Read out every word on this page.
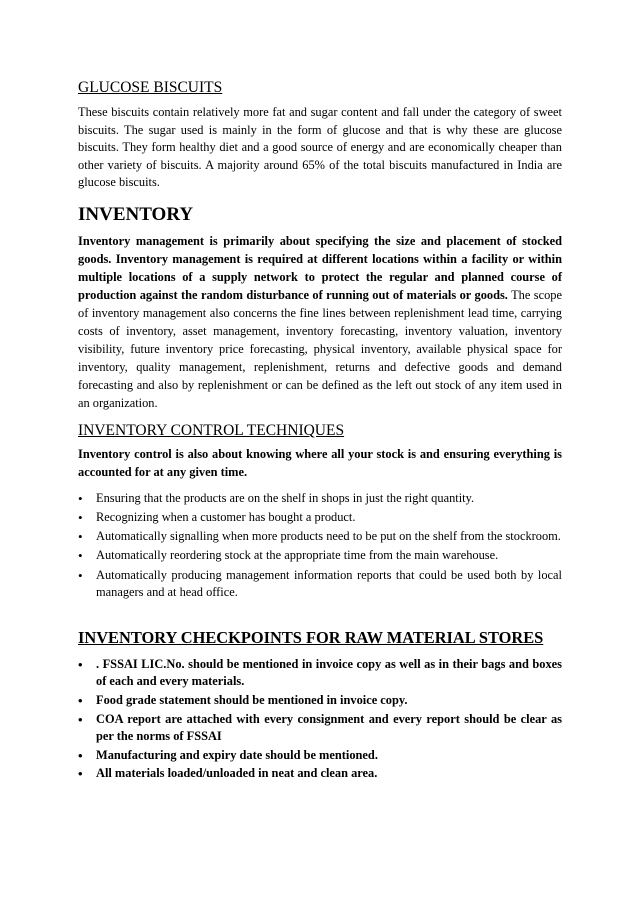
GLUCOSE BISCUITS

These biscuits contain relatively more fat and sugar content and fall under the category of sweet biscuits. The sugar used is mainly in the form of glucose and that is why these are glucose biscuits. They form healthy diet and a good source of energy and are economically cheaper than other variety of biscuits. A majority around 65% of the total biscuits manufactured in India are glucose biscuits.

INVENTORY

Inventory management is primarily about specifying the size and placement of stocked goods. Inventory management is required at different locations within a facility or within multiple locations of a supply network to protect the regular and planned course of production against the random disturbance of running out of materials or goods. The scope of inventory management also concerns the fine lines between replenishment lead time, carrying costs of inventory, asset management, inventory forecasting, inventory valuation, inventory visibility, future inventory price forecasting, physical inventory, available physical space for inventory, quality management, replenishment, returns and defective goods and demand forecasting and also by replenishment or can be defined as the left out stock of any item used in an organization.

INVENTORY CONTROL TECHNIQUES

Inventory control is also about knowing where all your stock is and ensuring everything is accounted for at any given time.

• Ensuring that the products are on the shelf in shops in just the right quantity.
• Recognizing when a customer has bought a product.
• Automatically signalling when more products need to be put on the shelf from the stockroom.
• Automatically reordering stock at the appropriate time from the main warehouse.
• Automatically producing management information reports that could be used both by local managers and at head office.
INVENTORY CHECKPOINTS FOR RAW MATERIAL STORES
• . FSSAI LIC.No. should be mentioned in invoice copy as well as in their bags and boxes of each and every materials.
• Food grade statement should be mentioned in invoice copy.
• COA report are attached with every consignment and every report should be clear as per the norms of FSSAI
• Manufacturing and expiry date should be mentioned.
• All materials loaded/unloaded in neat and clean area.
